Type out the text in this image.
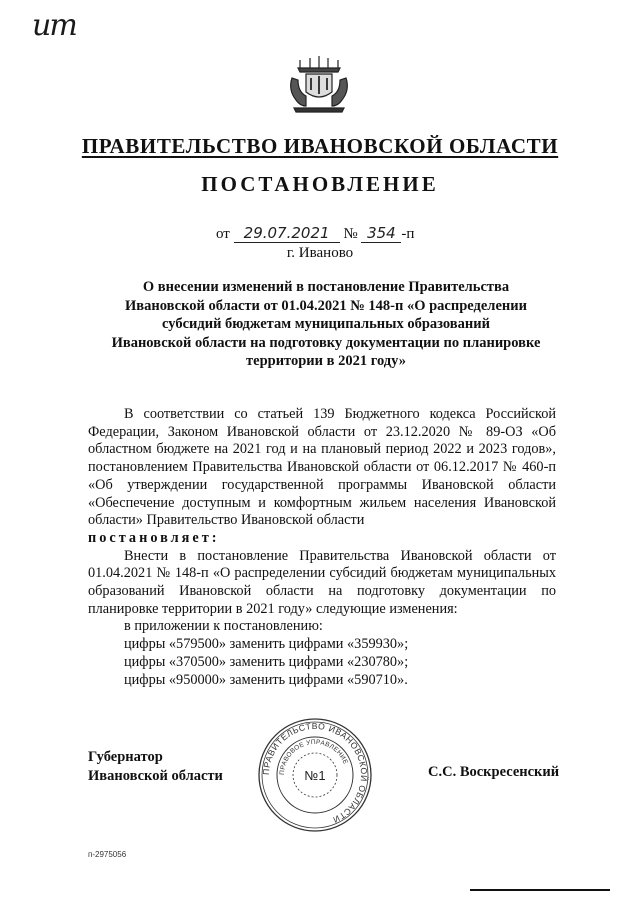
ит
ПРАВИТЕЛЬСТВО ИВАНОВСКОЙ ОБЛАСТИ
ПОСТАНОВЛЕНИЕ
от 29.07.2021 № 354 -п
г. Иваново
О внесении изменений в постановление Правительства
Ивановской области от 01.04.2021 № 148-п «О распределении
субсидий бюджетам муниципальных образований
Ивановской области на подготовку документации по планировке
территории в 2021 году»

В соответствии со статьей 139 Бюджетного кодекса Российской Федерации, Законом Ивановской области от 23.12.2020 № 89-ОЗ «Об областном бюджете на 2021 год и на плановый период 2022 и 2023 годов», постановлением Правительства Ивановской области от 06.12.2017 № 460-п «Об утверждении государственной программы Ивановской области «Обеспечение доступным и комфортным жильем населения Ивановской области» Правительство Ивановской области

постановляет:

Внести в постановление Правительства Ивановской области от 01.04.2021 № 148-п «О распределении субсидий бюджетам муниципальных образований Ивановской области на подготовку документации по планировке территории в 2021 году» следующие изменения:

в приложении к постановлению:

цифры «579500» заменить цифрами «359930»;

цифры «370500» заменить цифрами «230780»;

цифры «950000» заменить цифрами «590710».

Губернатор
Ивановской области	ПРАВИТЕЛЬСТВО ИВАНОВСКОЙ ОБЛАСТИ
ПРАВОВОЕ УПРАВЛЕНИЕ
№1	С.С. Воскресенский
п-2975056
